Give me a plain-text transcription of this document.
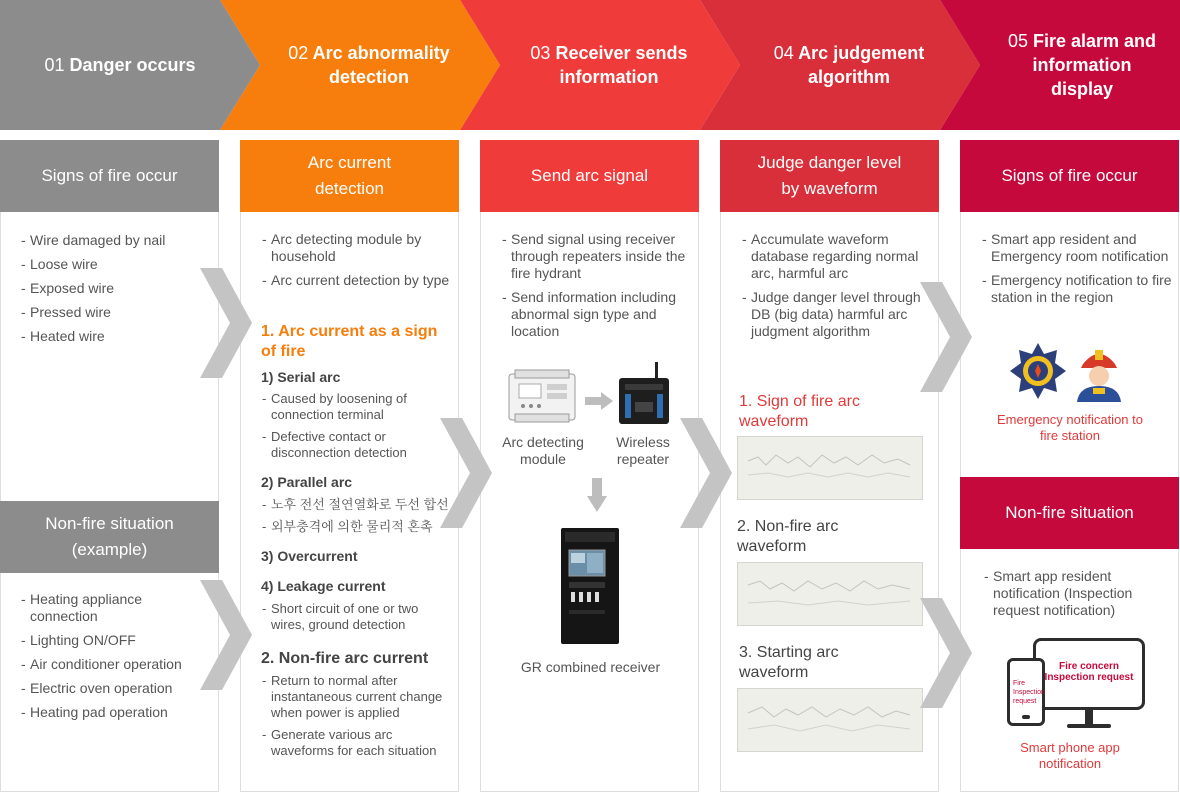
01 Danger occurs
02 Arc abnormality detection
03 Receiver sends information
04 Arc judgement algorithm
05 Fire alarm and information display
Signs of fire occur
- Wire damaged by nail
- Loose wire
- Exposed wire
- Pressed wire
- Heated wire
Non-fire situation (example)
- Heating appliance connection
- Lighting ON/OFF
- Air conditioner operation
- Electric oven operation
- Heating pad operation
Arc current detection
- Arc detecting module by household
- Arc current detection by type
1. Arc current as a sign of fire
1) Serial arc
- Caused by loosening of connection terminal
- Defective contact or disconnection detection
2) Parallel arc
- 노후 전선 절연열화로 두선 합선
- 외부충격에 의한 물리적 혼촉
3) Overcurrent
4) Leakage current
- Short circuit of one or two wires, ground detection
2. Non-fire arc current
- Return to normal after instantaneous current change when power is applied
- Generate various arc waveforms for each situation
Send arc signal
- Send signal using receiver through repeaters inside the fire hydrant
- Send information including abnormal sign type and location
Arc detecting module
Wireless repeater
GR combined receiver
Judge danger level by waveform
- Accumulate waveform database regarding normal arc, harmful arc
- Judge danger level through DB (big data) harmful arc judgment algorithm
1. Sign of fire arc waveform
2. Non-fire arc waveform
3. Starting arc waveform
Signs of fire occur
- Smart app resident and Emergency room notification
- Emergency notification to fire station in the region
Emergency notification to fire station
Non-fire situation
- Smart app resident notification (Inspection request notification)
Fire concern
Inspection request
Fire Inspection request
Smart phone app notification
